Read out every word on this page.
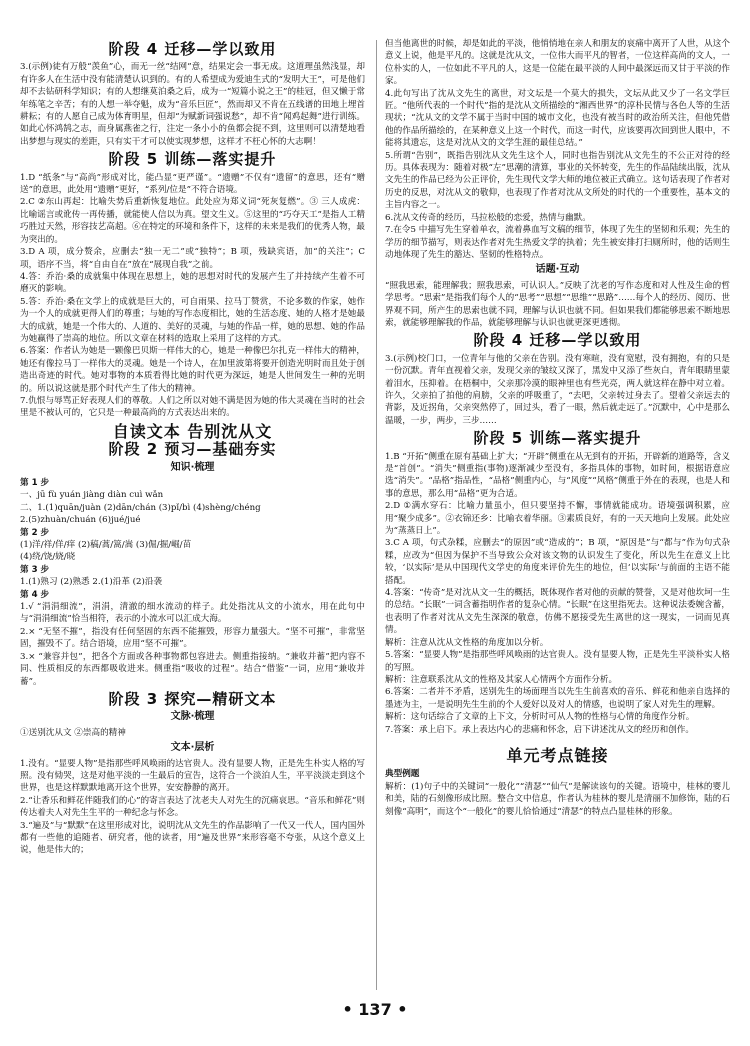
阶段 4 迁移—学以致用

3.(示例)徒有万般“羡鱼”心，而无一丝“结网”意，结果定会一事无成。这道理虽然浅显，却有许多人在生活中没有能清楚认识到的。有的人希望成为爱迪生式的“发明大王”，可是他们却不去钻研科学知识；有的人想继莫泊桑之后，成为一“短篇小说之王”的桂冠，但又懒于常年练笔之辛苦；有的人想一举夺魁，成为“音乐巨匠”，然而却又不肯在五线谱的田地上埋首耕耘；有的人愿自己成为体育明星，但却“为赋新词强说愁”，却不肯“闻鸡起舞”进行训练。如此心怀鸿鹄之志，而身属燕雀之行，注定一条小小的鱼都会捉不到，这里则可以清楚地看出梦想与现实的差距，只有实干才可以使实现梦想，这样才不枉心怀的大志啊！

阶段 5 训练—落实提升

1.D “纸条”与“高尚”形成对比，能凸显“更严谨”。“遗赠”不仅有“遗留”的意思，还有“赠送”的意思，此处用“遗赠”更好，“系列/位是”不符合语境。

2.C ②东山再起：比喻失势后重新恢复地位。此处应为郑义词“死灰复燃”。③ 三人成虎：比喻谣言或讹传一再传播，就能使人信以为真。望文生义。⑤这里的“巧夺天工”是指人工精巧胜过天然，形容技艺高超。⑥在特定的环境和条件下，这样的未来是我们的优秀人物，最为突出的。

3.D A 项，成分赘余，应删去“独一无二”或“独特”；B 项，残缺宾语，加“的关注”；C 项，语序不当，将“自由自在”放在“展现自我”之前。

4.答：乔治·桑的成就集中体现在思想上，她的思想对时代的发展产生了并持续产生着不可磨灭的影响。

5.答：乔治·桑在文学上的成就是巨大的，可自雨果、拉马丁赞赏，不论多数的作家，她作为一个人的成就更得人们的尊重；与她的写作态度相比，她的生活态度、她的人格才是她最大的成就，她是一个伟大的、人道的、美好的灵魂，与她的作品一样，她的思想、她的作品为她赢得了崇高的地位。所以文章在材料的选取上采用了这样的方式。

6.答案：作者认为她是一颗像巴贝斯一样伟大的心，她是一种像巴尔扎克一样伟大的精神，她还有像拉马丁一样伟大的灵魂。她是一个诗人，在加里波第将要开创造光明时而且处于创造出奇迹的时代。她对事物的本质看得比她的时代更为深远，她是人世间发生一种的光明的。所以说这就是那个时代产生了伟大的精神。

7.仇恨与辱骂正好表现人们的尊敬。人们之所以对她不满是因为她的伟大灵魂在当时的社会里是不被认可的，它只是一种最高尚的方式表达出来的。

自读文本 告别沈从文
阶段 2 预习—基础夯实
知识·梳理

第 1 步

一、jū fù yuán jiàng diàn cuì wǎn

二、1.(1)quān/juàn (2)dān/chán (3)pǐ/bì (4)shèng/chéng

2.(5)zhuàn/chuán (6)jué/jué

第 2 步

(1)洋/祥/佯/痒 (2)稿/蒿/篙/嵩 (3)倔/掘/崛/苗

(4)绕/饶/娆/晓

第 3 步

1.(1)熟习 (2)熟悉 2.(1)沿革 (2)沿袭

第 4 步

1.√ “涓涓细流”，涓涓，清澈的细水流动的样子。此处指沈从文的小流水，用在此句中与“涓涓细流”恰当相符，表示的小流水可以汇成大海。

2.× “无坚不摧”，指没有任何坚固的东西不能摧毁，形容力量强大。“坚不可摧”，非常坚固，摧毁不了。结合语境，应用“坚不可摧”。

3.× “兼容并包”，把各个方面或各种事物都包容进去。侧重指接纳。“兼收并蓄”把内容不同、性质相反的东西都吸收进来。侧重指“吸收的过程”。结合“借鉴”一词，应用“兼收并蓄”。

阶段 3 探究—精研文本
文脉·梳理

①送别沈从文 ②崇高的精神

文本·层析

1.没有。“显要人物”是指那些呼风唤雨的达官贵人。没有显要人物，正是先生朴实人格的写照。没有恸哭，这是对他平淡的一生最后的宣告，这符合一个淡泊人生，平平淡淡走到这个世界，也是这样默默地离开这个世界，安安静静的离开。

2.“让香乐和鲜花伴随我们的心”的寄言表达了沈老夫人对先生的沉痛哀思。“音乐和鲜花”则传达着夫人对先生生平的一种纪念与怀念。

3.“遍及”与“默默”在这里形成对比，说明沈从文先生的作品影响了一代又一代人，国内国外都有一些他的追随者、研究者，他的读者，用“遍及世界”来形容毫不夸张，从这个意义上说，他是伟大的；

但当他离世的时候，却是如此的平淡，他悄悄地在亲人和朋友的哀痛中离开了人世，从这个意义上说，他是平凡的。这就是沈从文，一位伟大而平凡的智者，一位这样高尚的文人，一位朴实的人，一位如此不平凡的人，这是一位能在最平淡的人间中最深远而又甘于平淡的作家。

4.此句写出了沈从文先生的离世，对文坛是一个莫大的损失，文坛从此又少了一名文学巨匠。“他所代表的一个时代”指的是沈从文所描绘的“湘西世界”的淳朴民情与各色人等的生活现状；“沈从文的文学不属于当时中国的城市文化，也没有被当时的政治所关注，但他凭借他的作品所描绘的，在某种意义上这一个时代，而这一时代，应该要再次回到世人眼中，不能将其遗忘，这是对沈从文的文学生涯的最佳总结。”

5.所谓“告别”，既指告别沈从文先生这个人，同时也指告别沈从文先生的不公正对待的经历。具体表现为：随着对极“左”思潮的清算，事业的关怀转变，先生的作品陆续出版，沈从文先生的作品已经为公正评价，先生现代文学大师的地位被正式确立。这句话表现了作者对历史的反思，对沈从文的敬仰，也表现了作者对沈从文所处的时代的一个重要性，基本文的主旨内容之一。

6.沈从文传奇的经历，马拉松般的恋爱，热情与幽默。

7.在令5 中描写先生穿着单衣，流着鼻血写文稿的细节，体现了先生的坚韧和乐观；先生的学历的细节描写，则表达作者对先生热爱文学的执着；先生被安排打扫厕所时，他的话则生动地体现了先生的豁达、坚韧的性格特点。

话题·互动

“照我思索，能理解我；照我思索，可认识人。”反映了沈老的写作态度和对人性及生命的哲学思考。“思索”是指我们每个人的“思考”“思想”“思维”“思路”……每个人的经历、阅历、世界观不同，所产生的思索也就不同，理解与认识也就不同。但如果我们都能够思索不断地思索，就能够理解我的作品，就能够理解与认识也就更深更透彻。

阶段 4 迁移—学以致用

3.(示例)校门口，一位青年与他的父亲在告别。没有寒暄，没有宽慰，没有拥抱，有的只是一份沉默。青年直视着父亲，发现父亲的皱纹又深了，黑发中又添了些灰白，青年眼睛里蒙着泪水，压抑着。在梧桐中，父亲那冷漠的眼神里也有些光亮，两人就这样在静中对立着。许久，父亲拍了拍他的肩膀，父亲的呼吸重了，“去吧，父亲转过身去了。望着父亲远去的背影，及近拐角，父亲突然停了，回过头，看了一眼，然后就走远了。”沉默中，心中是那么温暖，一步，两步，三步……

阶段 5 训练—落实提升

1.B “开拓”侧重在原有基础上扩大；“开辟”侧重在从无到有的开拓，开辟新的道路等，含义是“首创”。“消失”侧重指(事物)逐渐减少至没有，多指具体的事物，如时间，根据语意应选“消失”。“品格”指品性，“品格”侧重内心，与“风度”“风格”侧重于外在的表现，也是人和事的意思，那么用“品格”更为合适。

2.D ①满水穿石：比喻力量虽小，但只要坚持不懈，事情就能成功。语境强调积累，应用“聚少成多”。②衣锦还乡：比喻衣着华丽。③素质良好，有的一天天地向上发展。此处应为“蒸蒸日上”。

3.C A 项，句式杂糅，应删去“的原因”或“造成的”；B 项，“原因是”与“都与”作为句式杂糅，应改为“但因为保护不当导致公众对该文物的认识发生了变化，所以先生在意义上比较，‘以实际’是从中国现代文学史的角度来评价先生的地位，但‘以实际’与前面的主语不能搭配。

4.答案：“传奇”是对沈从文一生的概括，既体现作者对他的贡献的赞誉，又是对他坎坷一生的总结。“长眠”一词含蓄指明作者的复杂心情。“长眠”在这里指死去。这种说法委婉含蓄，也表明了作者对沈从文先生深深的敬意，仿佛不愿接受先生离世的这一现实，一词而见真情。

解析：注意从沈从文性格的角度加以分析。

5.答案：“显要人物”是指那些呼风唤雨的达官贵人。没有显要人物，正是先生平淡朴实人格的写照。

解析：注意联系沈从文的性格及其家人心情两个方面作分析。

6.答案：二者并不矛盾，送别先生的场面理当以先生生前喜欢的音乐、鲜花和他亲自选择的墨迹为主，一是说明先生生前的个人爱好以及对人的情感，也说明了家人对先生的理解。

解析：这句话综合了文章的上下文，分析时可从人物的性格与心情的角度作分析。

7.答案：承上启下。承上表达内心的悲痛和怀念，启下讲述沈从文的经历和创作。

单元考点链接

典型例题

解析：(1)句子中的关键词“一般化”“清瑟”“仙气”是解读该句的关键。语境中，桂林的婴儿和美，陆的石刻像形成比照。整合文中信息，作者认为桂林的婴儿是清丽不加修饰，陆的石刻像“高明”，而这个“一般化”的婴儿恰恰通过“清瑟”的特点凸显桂林的形象。

• 137 •
